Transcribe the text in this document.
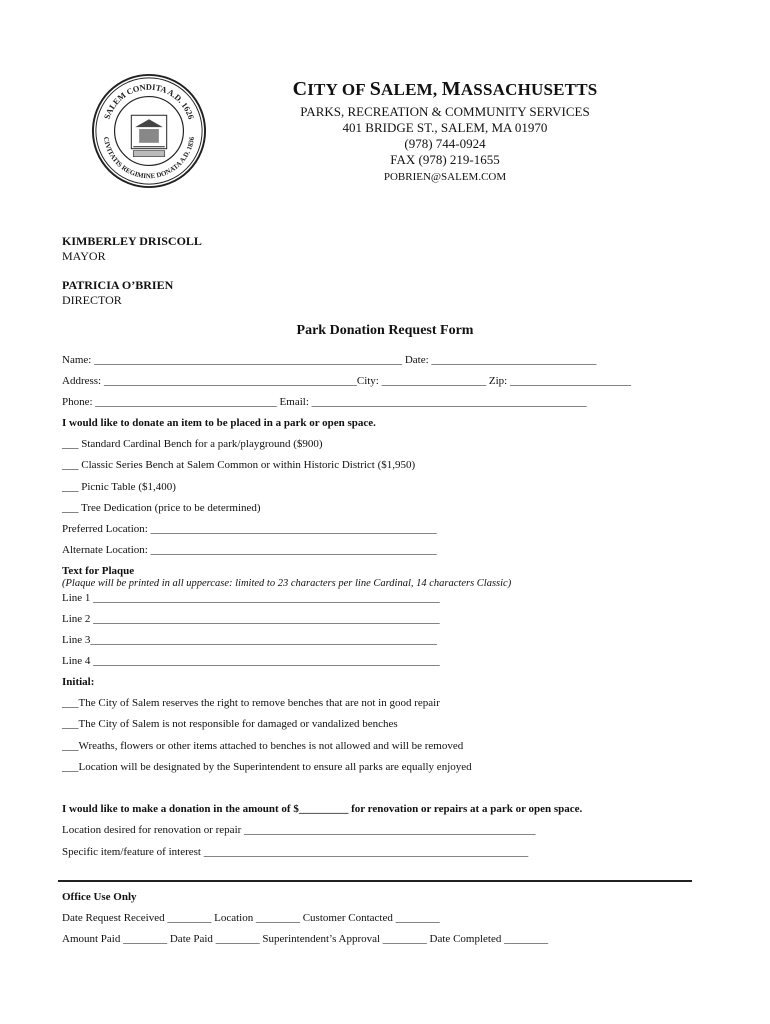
SALEM CONDITA A.D. 1626
CIVITATIS REGIMINE DONATA A.D. 1836
CITY OF SALEM, MASSACHUSETTS
PARKS, RECREATION & COMMUNITY SERVICES
401 BRIDGE ST., SALEM, MA 01970
(978) 744-0924
FAX (978) 219-1655
POBRIEN@SALEM.COM
KIMBERLEY DRISCOLL
MAYOR
PATRICIA O’BRIEN
DIRECTOR
Park Donation Request Form
Name: ________________________________________________________ Date: ______________________________
Address: ______________________________________________City: ___________________ Zip: ______________________
Phone: _________________________________ Email: __________________________________________________
I would like to donate an item to be placed in a park or open space.
___ Standard Cardinal Bench for a park/playground ($900)
___ Classic Series Bench at Salem Common or within Historic District ($1,950)
___ Picnic Table ($1,400)
___ Tree Dedication (price to be determined)
Preferred Location: ____________________________________________________
Alternate Location: ____________________________________________________
Text for Plaque
(Plaque will be printed in all uppercase: limited to 23 characters per line Cardinal, 14 characters Classic)
Line 1 _______________________________________________________________
Line 2 _______________________________________________________________
Line 3_______________________________________________________________
Line 4 _______________________________________________________________
Initial:
___The City of Salem reserves the right to remove benches that are not in good repair
___The City of Salem is not responsible for damaged or vandalized benches
___Wreaths, flowers or other items attached to benches is not allowed and will be removed
___Location will be designated by the Superintendent to ensure all parks are equally enjoyed
I would like to make a donation in the amount of $_________ for renovation or repairs at a park or open space.
Location desired for renovation or repair _____________________________________________________
Specific item/feature of interest ___________________________________________________________
Office Use Only
Date Request Received ________ Location ________ Customer Contacted ________
Amount Paid ________ Date Paid ________ Superintendent’s Approval ________ Date Completed ________
